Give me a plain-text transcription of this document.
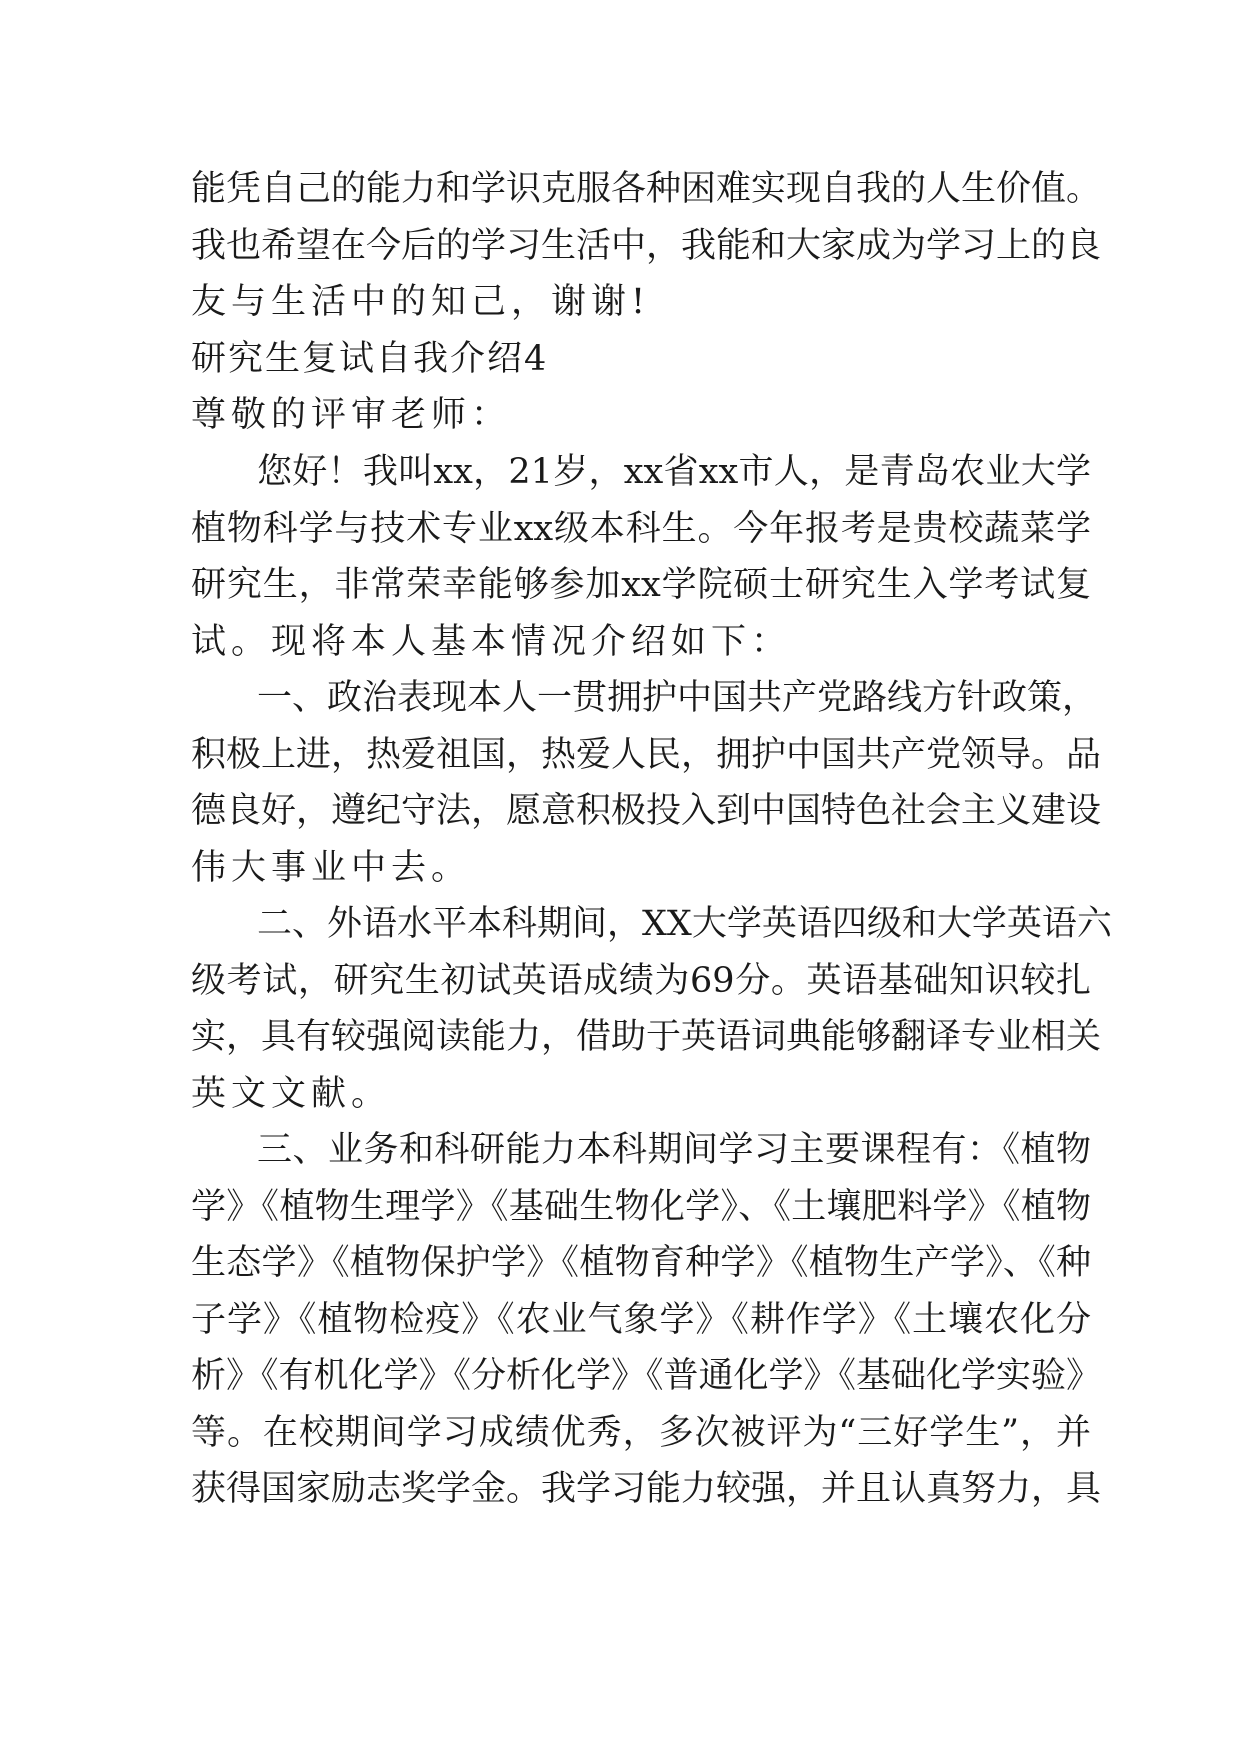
能凭自己的能力和学识克服各种困难实现自我的人生价值。
我也希望在今后的学习生活中，我能和大家成为学习上的良
友与生活中的知己，谢谢!
研究生复试自我介绍4
尊敬的评审老师：
您好！我叫xx，21岁，xx省xx市人，是青岛农业大学
植物科学与技术专业xx级本科生。今年报考是贵校蔬菜学
研究生，非常荣幸能够参加xx学院硕士研究生入学考试复
试。现将本人基本情况介绍如下：
一、政治表现本人一贯拥护中国共产党路线方针政策，
积极上进，热爱祖国，热爱人民，拥护中国共产党领导。品
德良好，遵纪守法，愿意积极投入到中国特色社会主义建设
伟大事业中去。
二、外语水平本科期间，XX大学英语四级和大学英语六
级考试，研究生初试英语成绩为69分。英语基础知识较扎
实，具有较强阅读能力，借助于英语词典能够翻译专业相关
英文文献。
三、业务和科研能力本科期间学习主要课程有：《植物
学》《植物生理学》《基础生物化学》、《土壤肥料学》《植物
生态学》《植物保护学》《植物育种学》《植物生产学》、《种
子学》《植物检疫》《农业气象学》《耕作学》《土壤农化分
析》《有机化学》《分析化学》《普通化学》《基础化学实验》
等。在校期间学习成绩优秀，多次被评为“三好学生”，并
获得国家励志奖学金。我学习能力较强，并且认真努力，具
